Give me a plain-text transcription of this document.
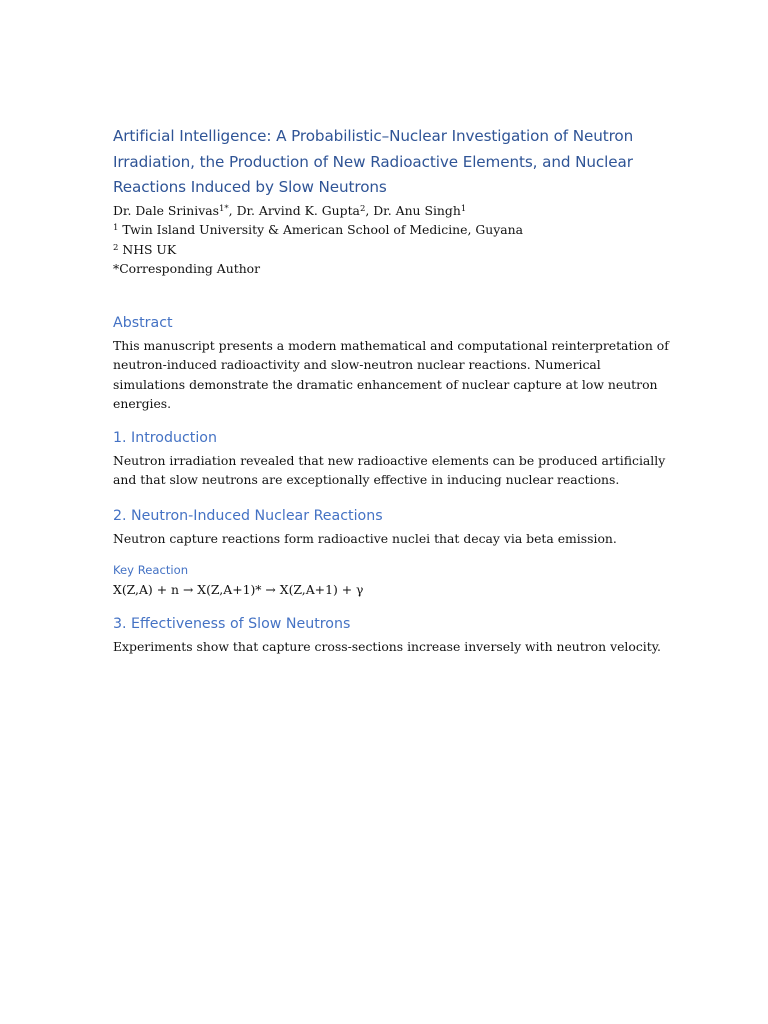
Artificial Intelligence: A Probabilistic–Nuclear Investigation of Neutron Irradiation, the Production of New Radioactive Elements, and Nuclear Reactions Induced by Slow Neutrons

Dr. Dale Srinivas$^{1*}$, Dr. Arvind K. Gupta$^2$, Dr. Anu Singh$^1$

$^1$ Twin Island University & American School of Medicine, Guyana

$^2$ NHS UK

*Corresponding Author

Abstract

This manuscript presents a modern mathematical and computational reinterpretation of neutron-induced radioactivity and slow-neutron nuclear reactions. Numerical simulations demonstrate the dramatic enhancement of nuclear capture at low neutron energies.

1. Introduction

Neutron irradiation revealed that new radioactive elements can be produced artificially and that slow neutrons are exceptionally effective in inducing nuclear reactions.

2. Neutron-Induced Nuclear Reactions

Neutron capture reactions form radioactive nuclei that decay via beta emission.

Key Reaction

X(Z,A) + n → X(Z,A+1)* → X(Z,A+1) + γ

3. Effectiveness of Slow Neutrons

Experiments show that capture cross-sections increase inversely with neutron velocity.
